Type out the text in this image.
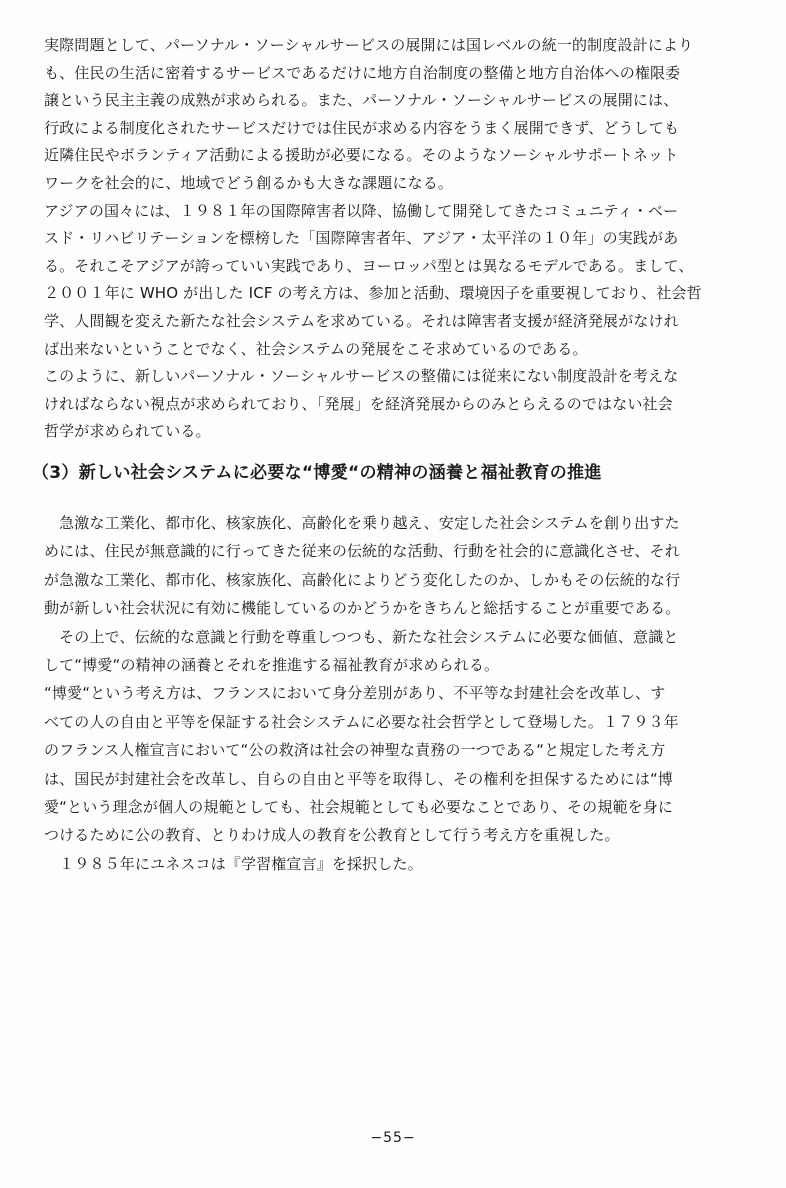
実際問題として、パーソナル・ソーシャルサービスの展開には国レベルの統一的制度設計により
も、住民の生活に密着するサービスであるだけに地方自治制度の整備と地方自治体への権限委
譲という民主主義の成熟が求められる。また、パーソナル・ソーシャルサービスの展開には、
行政による制度化されたサービスだけでは住民が求める内容をうまく展開できず、どうしても
近隣住民やボランティア活動による援助が必要になる。そのようなソーシャルサポートネット
ワークを社会的に、地域でどう創るかも大きな課題になる。
アジアの国々には、１９８１年の国際障害者以降、協働して開発してきたコミュニティ・ベー
スド・リハビリテーションを標榜した「国際障害者年、アジア・太平洋の１０年」の実践があ
る。それこそアジアが誇っていい実践であり、ヨーロッパ型とは異なるモデルである。まして、
２００１年に WHO が出した ICF の考え方は、参加と活動、環境因子を重要視しており、社会哲
学、人間観を変えた新たな社会システムを求めている。それは障害者支援が経済発展がなけれ
ば出来ないということでなく、社会システムの発展をこそ求めているのである。
このように、新しいパーソナル・ソーシャルサービスの整備には従来にない制度設計を考えな
ければならない視点が求められており、「発展」を経済発展からのみとらえるのではない社会
（3）新しい社会システムに必要な“博愛“の精神の涵養と福祉教育の推進
　急激な工業化、都市化、核家族化、高齢化を乗り越え、安定した社会システムを創り出すた
めには、住民が無意識的に行ってきた従来の伝統的な活動、行動を社会的に意識化させ、それ
が急激な工業化、都市化、核家族化、高齢化によりどう変化したのか、しかもその伝統的な行
動が新しい社会状況に有効に機能しているのかどうかをきちんと総括することが重要である。
　その上で、伝統的な意識と行動を尊重しつつも、新たな社会システムに必要な価値、意識と
して“博愛“の精神の涵養とそれを推進する福祉教育が求められる。
“博愛“という考え方は、フランスにおいて身分差別があり、不平等な封建社会を改革し、す
べての人の自由と平等を保証する社会システムに必要な社会哲学として登場した。１７９３年
のフランス人権宣言において“公の救済は社会の神聖な責務の一つである“と規定した考え方
は、国民が封建社会を改革し、自らの自由と平等を取得し、その権利を担保するためには“博
愛“という理念が個人の規範としても、社会規範としても必要なことであり、その規範を身に
つけるために公の教育、とりわけ成人の教育を公教育として行う考え方を重視した。
　１９８５年にユネスコは『学習権宣言』を採択した。
−55−
哲学が求められている。
